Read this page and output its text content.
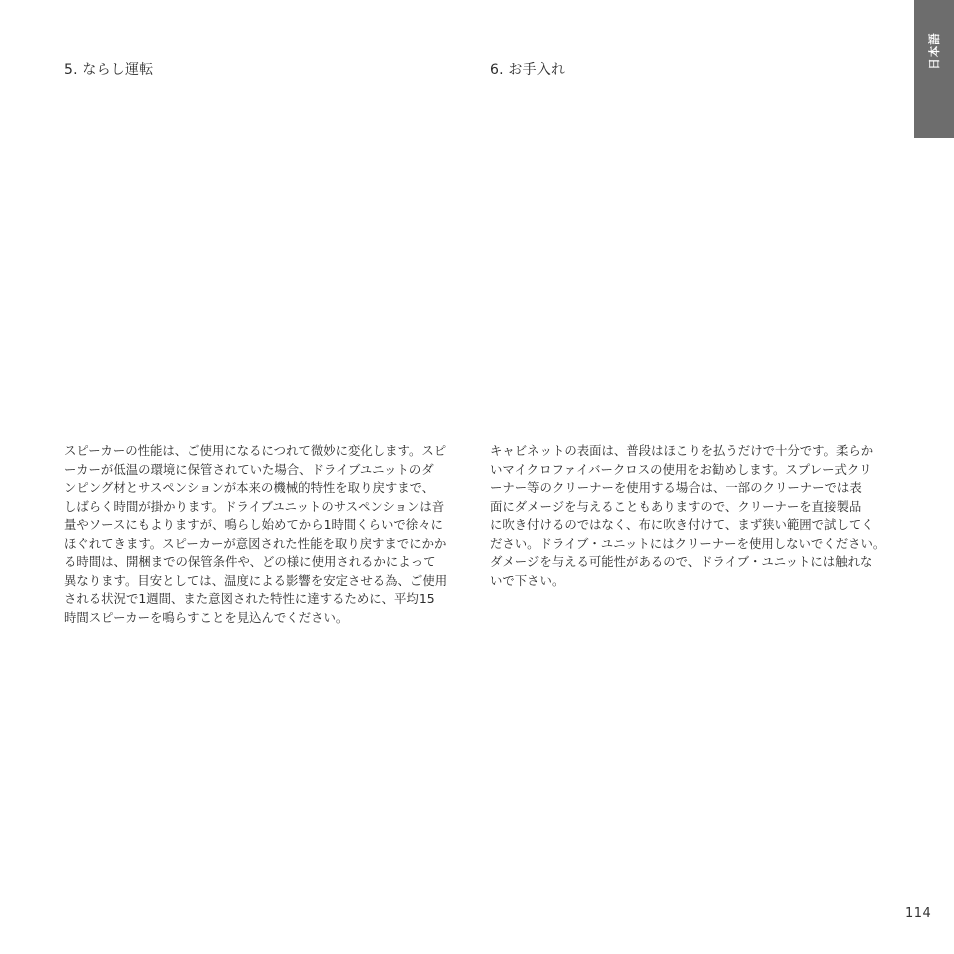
5. ならし運転	6. お手入れ

スピーカーの性能は、ご使用になるにつれて微妙に変化します。スピ
ーカーが低温の環境に保管されていた場合、ドライブユニットのダ
ンピング材とサスペンションが本来の機械的特性を取り戻すまで、
しばらく時間が掛かります。ドライブユニットのサスペンションは音
量やソースにもよりますが、鳴らし始めてから1時間くらいで徐々に
ほぐれてきます。スピーカーが意図された性能を取り戻すまでにかか
る時間は、開梱までの保管条件や、どの様に使用されるかによって
異なります。目安としては、温度による影響を安定させる為、ご使用
される状況で1週間、また意図された特性に達するために、平均15
時間スピーカーを鳴らすことを見込んでください。

キャビネットの表面は、普段はほこりを払うだけで十分です。柔らか
いマイクロファイバークロスの使用をお勧めします。スプレー式クリ
ーナー等のクリーナーを使用する場合は、一部のクリーナーでは表
面にダメージを与えることもありますので、クリーナーを直接製品
に吹き付けるのではなく、布に吹き付けて、まず狭い範囲で試してく
ださい。ドライブ・ユニットにはクリーナーを使用しないでください。
ダメージを与える可能性があるので、ドライブ・ユニットには触れな
いで下さい。

日本語
114
